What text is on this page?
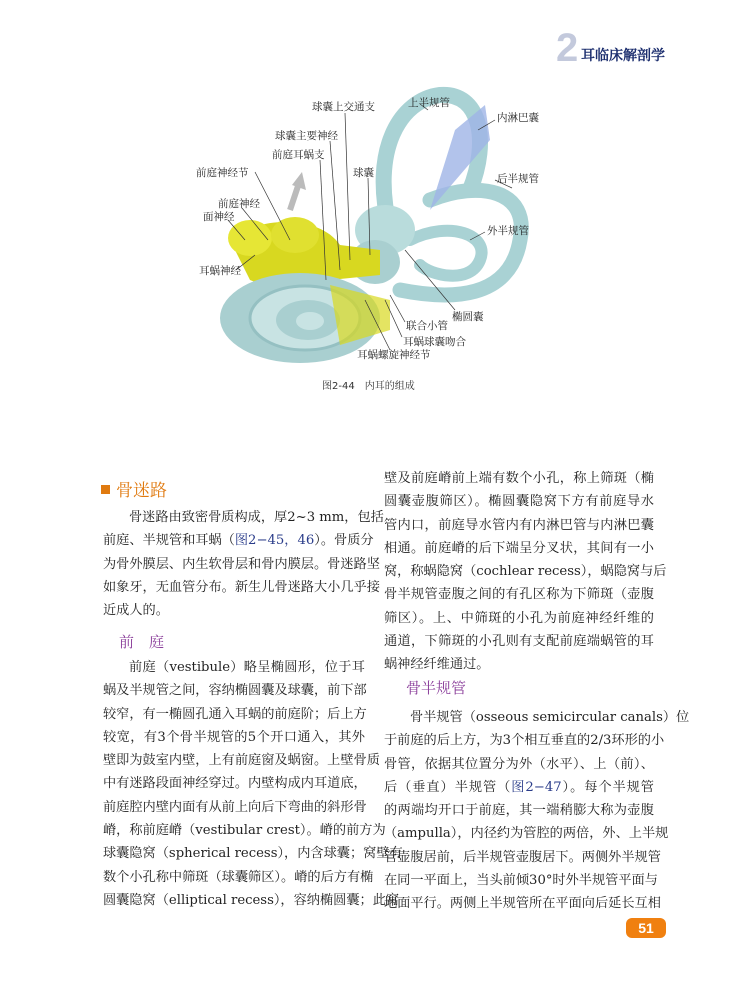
2 耳临床解剖学
球囊上交通支	上半规管
内淋巴囊
球囊主要神经
前庭耳蜗支
前庭神经节	球囊	后半规管
前庭神经
面神经
外半规管
耳蜗神经
椭圆囊
联合小管
耳蜗球囊吻合
耳蜗螺旋神经节
图2-44　内耳的组成
骨迷路
骨迷路由致密骨质构成，厚2~3 mm，包括
前庭、半规管和耳蜗（图2−45，46）。骨质分
为骨外膜层、内生软骨层和骨内膜层。骨迷路坚
如象牙，无血管分布。新生儿骨迷路大小几乎接
近成人的。
前　庭
前庭（vestibule）略呈椭圆形，位于耳
蜗及半规管之间，容纳椭圆囊及球囊，前下部
较窄，有一椭圆孔通入耳蜗的前庭阶；后上方
较宽，有3个骨半规管的5个开口通入，其外
壁即为鼓室内壁，上有前庭窗及蜗窗。上壁骨质
中有迷路段面神经穿过。内壁构成内耳道底，
前庭腔内壁内面有从前上向后下弯曲的斜形骨
嵴，称前庭嵴（vestibular crest）。嵴的前方为
球囊隐窝（spherical recess），内含球囊；窝壁有
数个小孔称中筛斑（球囊筛区）。嵴的后方有椭
圆囊隐窝（elliptical recess），容纳椭圆囊；此窝
壁及前庭嵴前上端有数个小孔，称上筛斑（椭
圆囊壶腹筛区）。椭圆囊隐窝下方有前庭导水
管内口，前庭导水管内有内淋巴管与内淋巴囊
相通。前庭嵴的后下端呈分叉状，其间有一小
窝，称蜗隐窝（cochlear recess），蜗隐窝与后
骨半规管壶腹之间的有孔区称为下筛斑（壶腹
筛区）。上、中筛斑的小孔为前庭神经纤维的
通道，下筛斑的小孔则有支配前庭端蜗管的耳
蜗神经纤维通过。
骨半规管
骨半规管（osseous semicircular canals）位
于前庭的后上方，为3个相互垂直的2/3环形的小
骨管，依据其位置分为外（水平）、上（前）、
后（垂直）半规管（图2−47）。每个半规管
的两端均开口于前庭，其一端稍膨大称为壶腹
（ampulla），内径约为管腔的两倍，外、上半规
管壶腹居前，后半规管壶腹居下。两侧外半规管
在同一平面上，当头前倾30°时外半规管平面与
地面平行。两侧上半规管所在平面向后延长互相
51
